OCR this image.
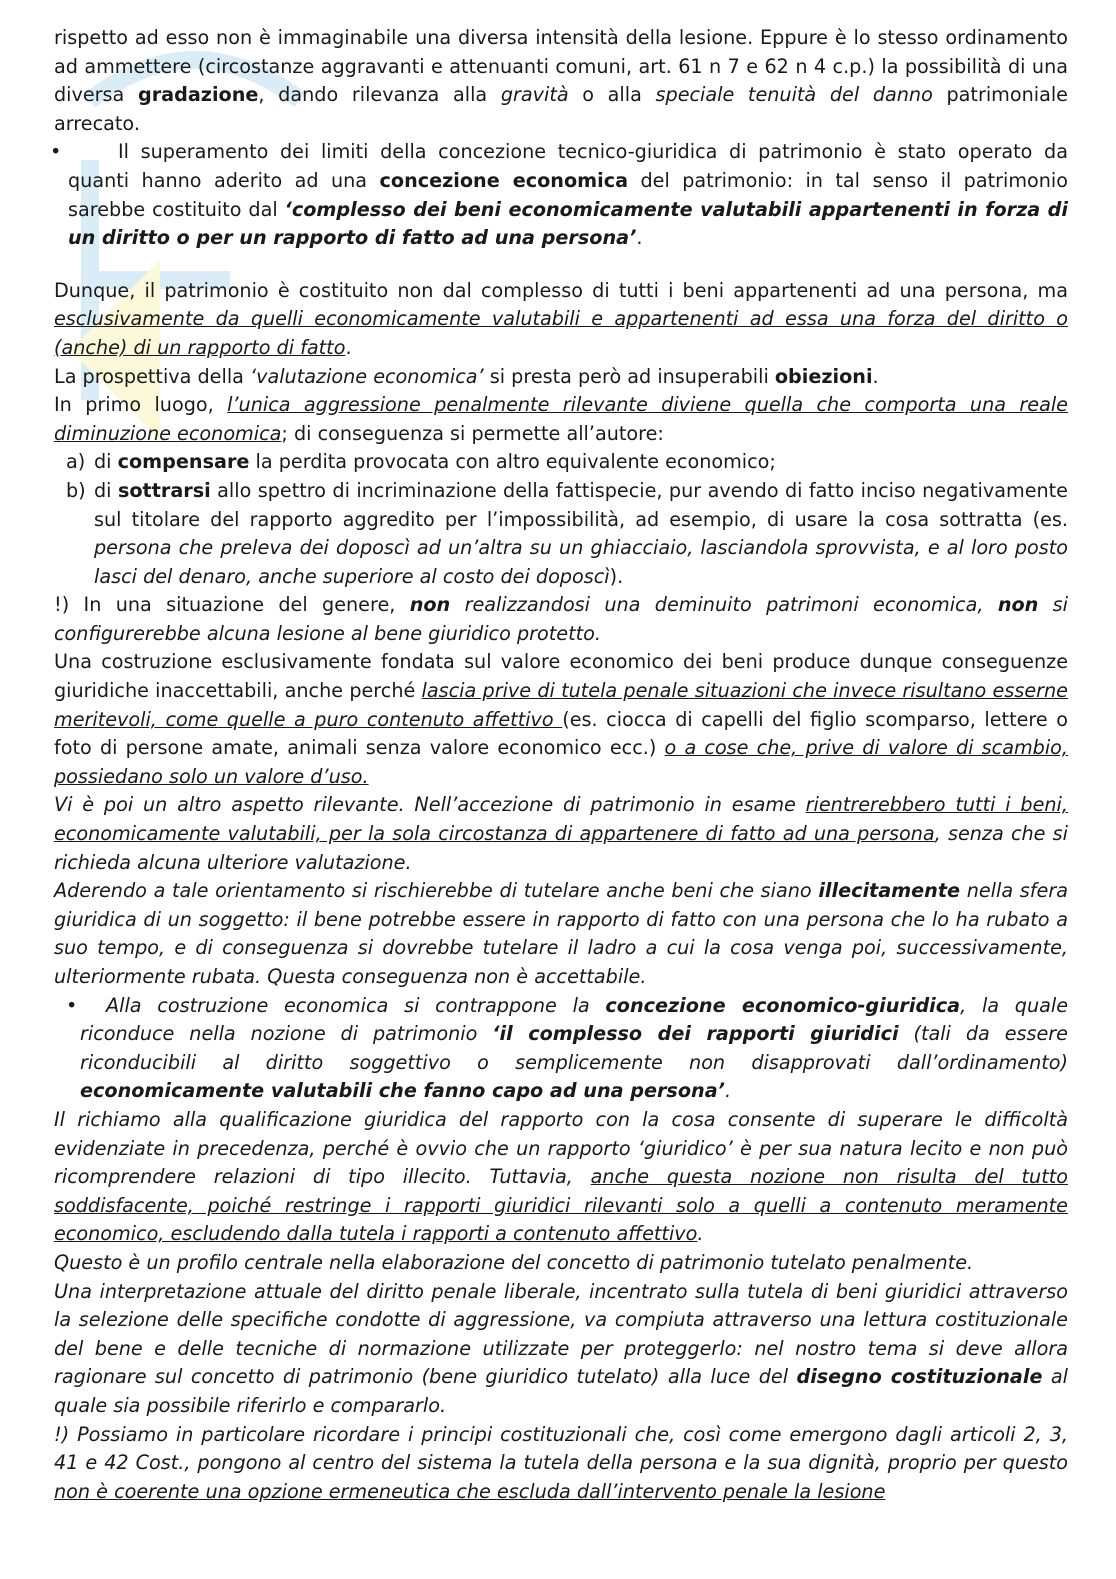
rispetto ad esso non è immaginabile una diversa intensità della lesione. Eppure è lo stesso ordinamento ad ammettere (circostanze aggravanti e attenuanti comuni, art. 61 n 7 e 62 n 4 c.p.) la possibilità di una diversa gradazione, dando rilevanza alla gravità o alla speciale tenuità del danno patrimoniale arrecato.

•	Il superamento dei limiti della concezione tecnico-giuridica di patrimonio è stato operato da quanti hanno aderito ad una concezione economica del patrimonio: in tal senso il patrimonio sarebbe costituito dal ‘complesso dei beni economicamente valutabili appartenenti in forza di un diritto o per un rapporto di fatto ad una persona’.

Dunque, il patrimonio è costituito non dal complesso di tutti i beni appartenenti ad una persona, ma esclusivamente da quelli economicamente valutabili e appartenenti ad essa una forza del diritto o (anche) di un rapporto di fatto.

La prospettiva della ‘valutazione economica’ si presta però ad insuperabili obiezioni.

In primo luogo, l’unica aggressione penalmente rilevante diviene quella che comporta una reale diminuzione economica; di conseguenza si permette all’autore:

a) di compensare la perdita provocata con altro equivalente economico;

b) di sottrarsi allo spettro di incriminazione della fattispecie, pur avendo di fatto inciso negativamente sul titolare del rapporto aggredito per l’impossibilità, ad esempio, di usare la cosa sottratta (es. persona che preleva dei doposcì ad un’altra su un ghiacciaio, lasciandola sprovvista, e al loro posto lasci del denaro, anche superiore al costo dei doposcì).

!) In una situazione del genere, non realizzandosi una deminuito patrimoni economica, non si configurerebbe alcuna lesione al bene giuridico protetto.

Una costruzione esclusivamente fondata sul valore economico dei beni produce dunque conseguenze giuridiche inaccettabili, anche perché lascia prive di tutela penale situazioni che invece risultano esserne meritevoli, come quelle a puro contenuto affettivo (es. ciocca di capelli del figlio scomparso, lettere o foto di persone amate, animali senza valore economico ecc.) o a cose che, prive di valore di scambio, possiedano solo un valore d’uso.

Vi è poi un altro aspetto rilevante. Nell’accezione di patrimonio in esame rientrerebbero tutti i beni, economicamente valutabili, per la sola circostanza di appartenere di fatto ad una persona, senza che si richieda alcuna ulteriore valutazione.

Aderendo a tale orientamento si rischierebbe di tutelare anche beni che siano illecitamente nella sfera giuridica di un soggetto: il bene potrebbe essere in rapporto di fatto con una persona che lo ha rubato a suo tempo, e di conseguenza si dovrebbe tutelare il ladro a cui la cosa venga poi, successivamente, ulteriormente rubata. Questa conseguenza non è accettabile.

• Alla costruzione economica si contrappone la concezione economico-giuridica, la quale riconduce nella nozione di patrimonio ‘il complesso dei rapporti giuridici (tali da essere riconducibili al diritto soggettivo o semplicemente non disapprovati dall’ordinamento) economicamente valutabili che fanno capo ad una persona’.

Il richiamo alla qualificazione giuridica del rapporto con la cosa consente di superare le difficoltà evidenziate in precedenza, perché è ovvio che un rapporto ‘giuridico’ è per sua natura lecito e non può ricomprendere relazioni di tipo illecito. Tuttavia, anche questa nozione non risulta del tutto soddisfacente, poiché restringe i rapporti giuridici rilevanti solo a quelli a contenuto meramente economico, escludendo dalla tutela i rapporti a contenuto affettivo.

Questo è un profilo centrale nella elaborazione del concetto di patrimonio tutelato penalmente.

Una interpretazione attuale del diritto penale liberale, incentrato sulla tutela di beni giuridici attraverso la selezione delle specifiche condotte di aggressione, va compiuta attraverso una lettura costituzionale del bene e delle tecniche di normazione utilizzate per proteggerlo: nel nostro tema si deve allora ragionare sul concetto di patrimonio (bene giuridico tutelato) alla luce del disegno costituzionale al quale sia possibile riferirlo e compararlo.

!) Possiamo in particolare ricordare i principi costituzionali che, così come emergono dagli articoli 2, 3, 41 e 42 Cost., pongono al centro del sistema la tutela della persona e la sua dignità, proprio per questo non è coerente una opzione ermeneutica che escluda dall’intervento penale la lesione
